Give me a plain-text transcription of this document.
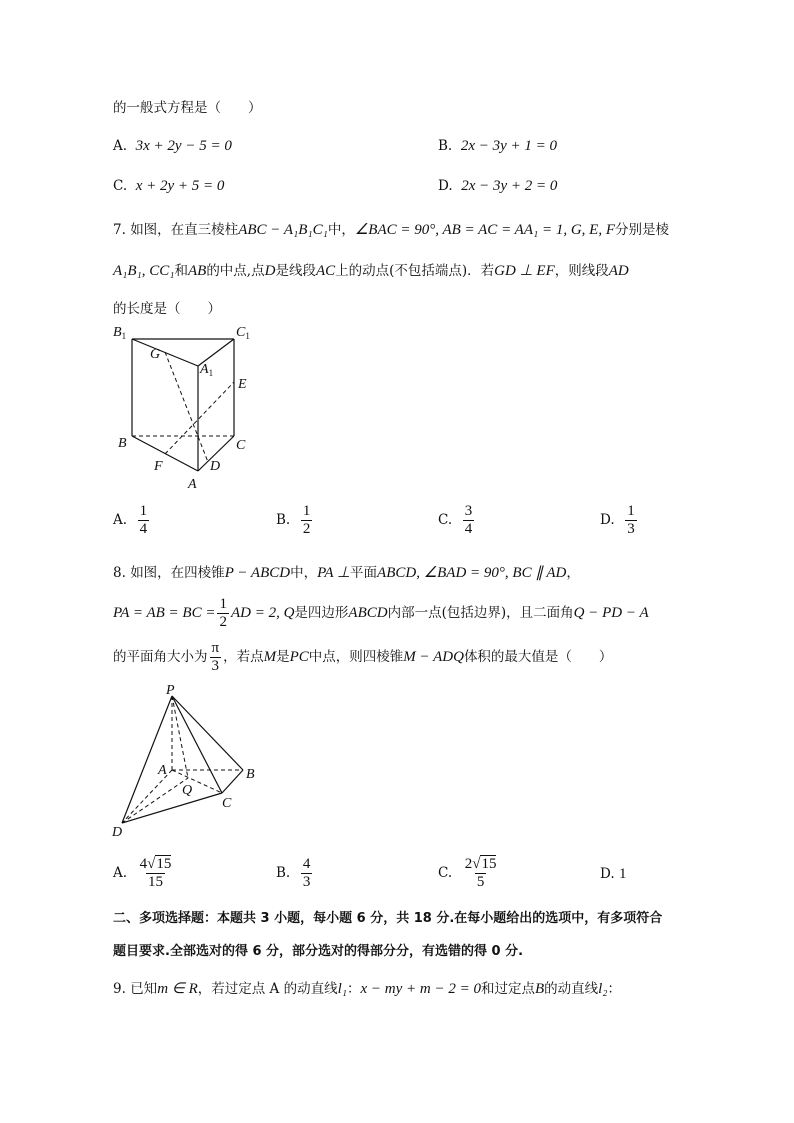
的一般式方程是（　　）
A. 3x + 2y − 5 = 0	B. 2x − 3y + 1 = 0
C. x + 2y + 5 = 0	D. 2x − 3y + 2 = 0
7. 如图，在直三棱柱ABC − A₁B₁C₁中，∠BAC = 90°, AB = AC = AA₁ = 1, G, E, F分别是棱
A₁B₁, CC₁和AB的中点,点D是线段AC上的动点(不包括端点)．若GD ⊥ EF，则线段AD
的长度是（　　）
$B_1$	$C_1$
G
$A_1$
E
B	C
F	D
A
A. $\frac{1}{4}$	B. $\frac{1}{2}$	C. $\frac{3}{4}$	D. $\frac{1}{3}$
8. 如图，在四棱锥P − ABCD中，PA ⊥平面ABCD, ∠BAD = 90°, BC ∥ AD，
PA = AB = BC = $\frac{1}{2}$ AD = 2, Q是四边形ABCD内部一点(包括边界)，且二面角Q − PD − A
的平面角大小为 $\frac{\pi}{3}$ ，若点M是PC中点，则四棱锥M − ADQ体积的最大值是（　　）
P
A	B
Q
C
D
A. $\frac{4√15}{15}$	B. $\frac{4}{3}$	C. $\frac{2√15}{5}$	D. 1
二、多项选择题：本题共 3 小题，每小题 6 分，共 18 分.在每小题给出的选项中，有多项符合
题目要求.全部选对的得 6 分，部分选对的得部分分，有选错的得 0 分.
9. 已知m ∈ R，若过定点 A 的动直线l₁：x − my + m − 2 = 0和过定点B的动直线l₂：
